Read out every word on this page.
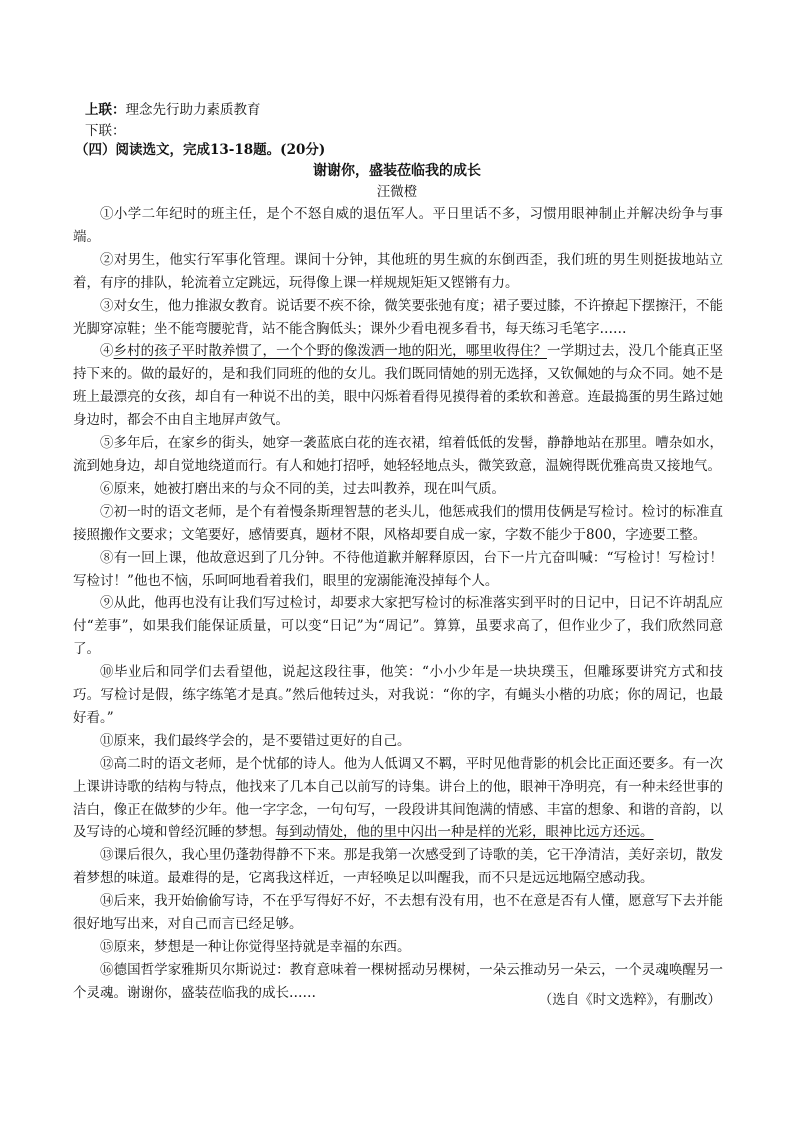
上联：理念先行助力素质教育
下联：
（四）阅读选文，完成13-18题。(20分)
谢谢你，盛装莅临我的成长
汪微橙

①小学二年纪时的班主任，是个不怒自威的退伍军人。平日里话不多，习惯用眼神制止并解决纷争与事端。

②对男生，他实行军事化管理。课间十分钟，其他班的男生疯的东倒西歪，我们班的男生则挺拔地站立着，有序的排队，轮流着立定跳远，玩得像上课一样规规矩矩又铿锵有力。

③对女生，他力推淑女教育。说话要不疾不徐，微笑要张弛有度；裙子要过膝，不许撩起下摆擦汗，不能光脚穿凉鞋；坐不能弯腰驼背，站不能含胸低头；课外少看电视多看书，每天练习毛笔字……

④乡村的孩子平时散养惯了，一个个野的像泼洒一地的阳光，哪里收得住？一学期过去，没几个能真正坚持下来的。做的最好的，是和我们同班的他的女儿。我们既同情她的别无选择，又钦佩她的与众不同。她不是班上最漂亮的女孩，却自有一种说不出的美，眼中闪烁着看得见摸得着的柔软和善意。连最捣蛋的男生路过她身边时，都会不由自主地屏声敛气。

⑤多年后，在家乡的街头，她穿一袭蓝底白花的连衣裙，绾着低低的发髻，静静地站在那里。嘈杂如水，流到她身边，却自觉地绕道而行。有人和她打招呼，她轻轻地点头，微笑致意，温婉得既优雅高贵又接地气。

⑥原来，她被打磨出来的与众不同的美，过去叫教养，现在叫气质。

⑦初一时的语文老师，是个有着慢条斯理智慧的老头儿，他惩戒我们的惯用伎俩是写检讨。检讨的标准直接照搬作文要求；文笔要好，感情要真，题材不限，风格却要自成一家，字数不能少于800，字迹要工整。

⑧有一回上课，他故意迟到了几分钟。不待他道歉并解释原因，台下一片亢奋叫喊：“写检讨！写检讨！写检讨！”他也不恼，乐呵呵地看着我们，眼里的宠溺能淹没掉每个人。

⑨从此，他再也没有让我们写过检讨，却要求大家把写检讨的标准落实到平时的日记中，日记不许胡乱应付“差事”，如果我们能保证质量，可以变“日记”为“周记”。算算，虽要求高了，但作业少了，我们欣然同意了。

⑩毕业后和同学们去看望他，说起这段往事，他笑：“小小少年是一块块璞玉，但雕琢要讲究方式和技巧。写检讨是假，练字练笔才是真。”然后他转过头，对我说：“你的字，有蝇头小楷的功底；你的周记，也最好看。”

⑪原来，我们最终学会的，是不要错过更好的自己。

⑫高二时的语文老师，是个忧郁的诗人。他为人低调又不羁，平时见他背影的机会比正面还要多。有一次上课讲诗歌的结构与特点，他找来了几本自己以前写的诗集。讲台上的他，眼神干净明亮，有一种未经世事的洁白，像正在做梦的少年。他一字字念，一句句写，一段段讲其间饱满的情感、丰富的想象、和谐的音韵，以及写诗的心境和曾经沉睡的梦想。每到动情处，他的里中闪出一种是样的光彩，眼神比远方还远。

⑬课后很久，我心里仍蓬勃得静不下来。那是我第一次感受到了诗歌的美，它干净清洁，美好亲切，散发着梦想的味道。最难得的是，它离我这样近，一声轻唤足以叫醒我，而不只是远远地隔空感动我。

⑭后来，我开始偷偷写诗，不在乎写得好不好，不去想有没有用，也不在意是否有人懂，愿意写下去并能很好地写出来，对自己而言已经足够。

⑮原来，梦想是一种让你觉得坚持就是幸福的东西。

⑯德国哲学家雅斯贝尔斯说过：教育意味着一棵树摇动另棵树，一朵云推动另一朵云，一个灵魂唤醒另一个灵魂。谢谢你，盛装莅临我的成长……	（选自《时文选粹》，有删改）
